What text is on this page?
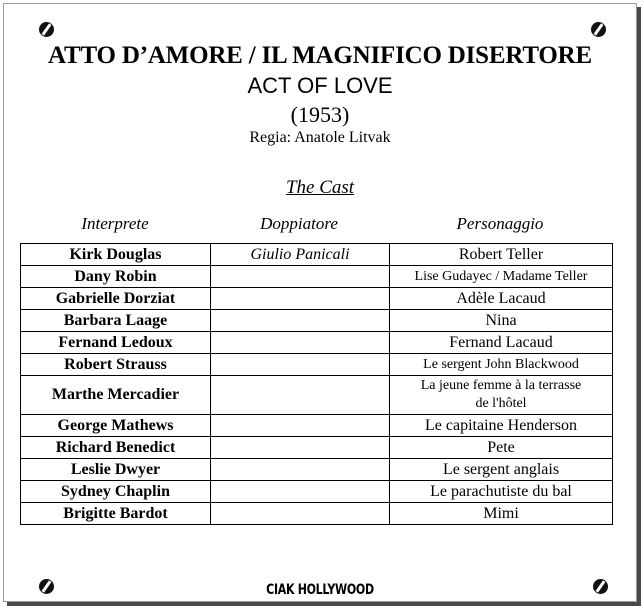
ATTO D’AMORE / IL MAGNIFICO DISERTORE
ACT OF LOVE
(1953)
Regia: Anatole Litvak
The Cast
Interprete	Doppiatore	Personaggio
Kirk Douglas	Giulio Panicali	Robert Teller
Dany Robin		Lise Gudayec / Madame Teller
Gabrielle Dorziat		Adèle Lacaud
Barbara Laage		Nina
Fernand Ledoux		Fernand Lacaud
Robert Strauss		Le sergent John Blackwood
Marthe Mercadier		La jeune femme à la terrasse
de l'hôtel
George Mathews		Le capitaine Henderson
Richard Benedict		Pete
Leslie Dwyer		Le sergent anglais
Sydney Chaplin		Le parachutiste du bal
Brigitte Bardot		Mimi
CIAK HOLLYWOOD
